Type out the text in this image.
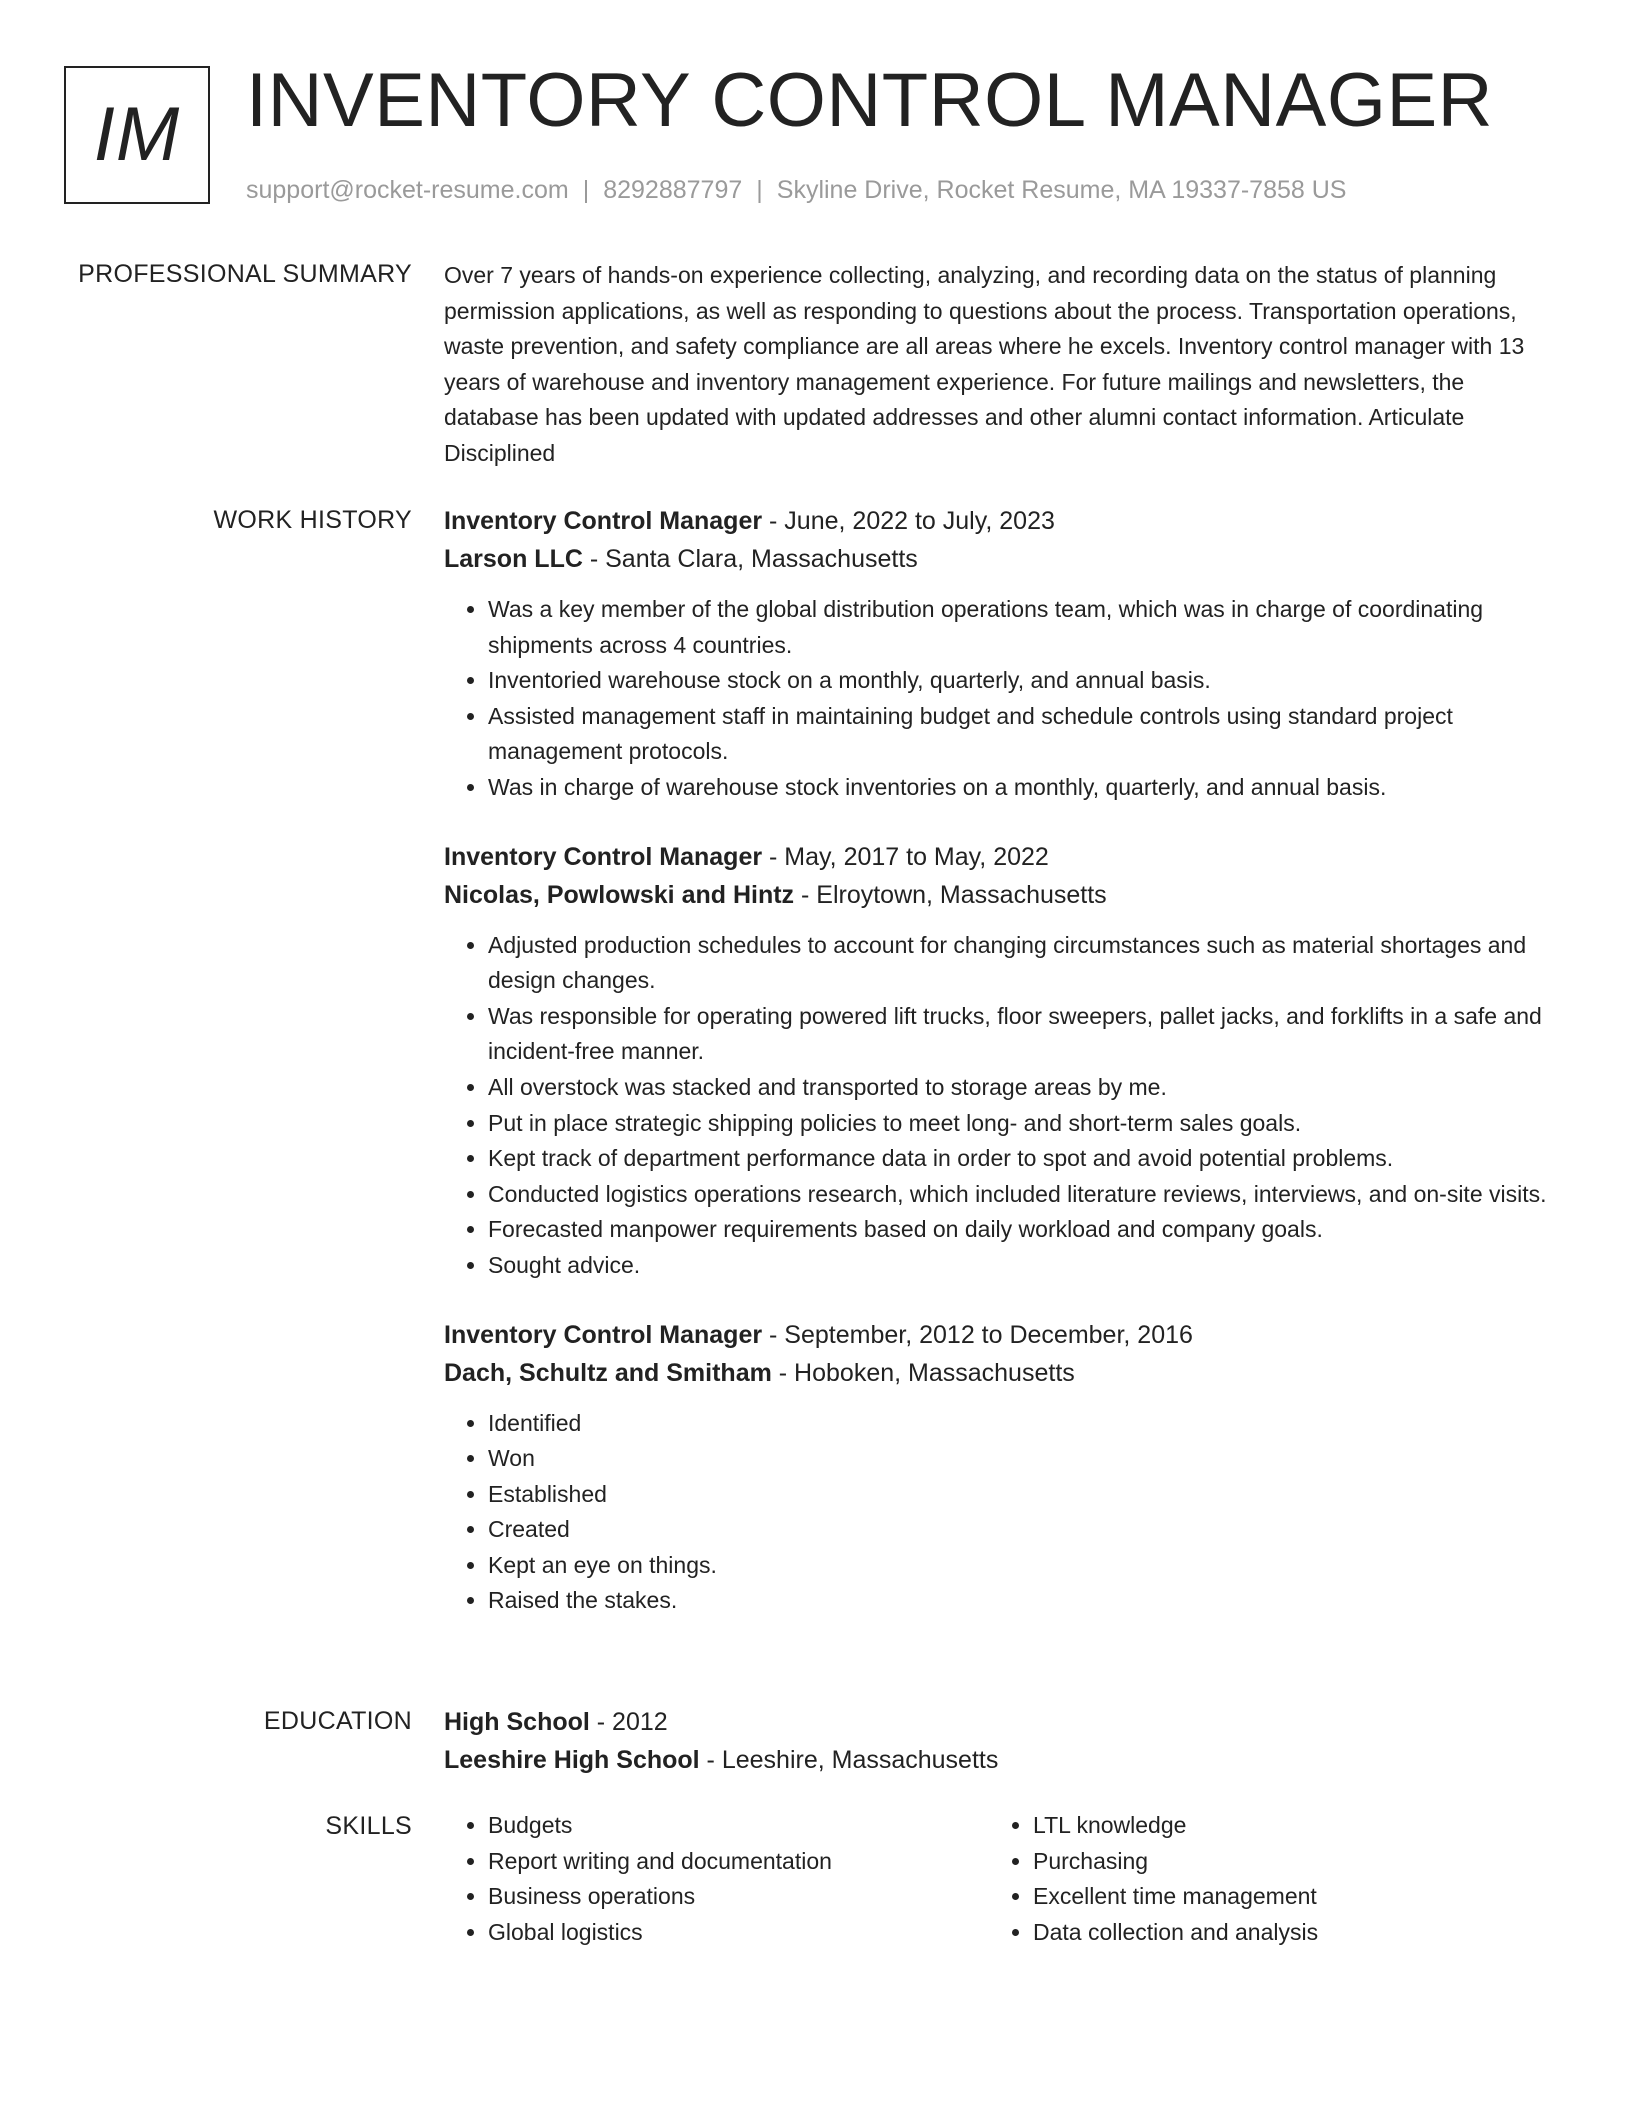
IM INVENTORY CONTROL MANAGER
support@rocket-resume.com | 8292887797 | Skyline Drive, Rocket Resume, MA 19337-7858 US
PROFESSIONAL SUMMARY Over 7 years of hands-on experience collecting, analyzing, and recording data on the status of planning permission applications, as well as responding to questions about the process. Transportation operations, waste prevention, and safety compliance are all areas where he excels. Inventory control manager with 13 years of warehouse and inventory management experience. For future mailings and newsletters, the database has been updated with updated addresses and other alumni contact information. Articulate Disciplined

WORK HISTORY Inventory Control Manager - June, 2022 to July, 2023

Larson LLC - Santa Clara, Massachusetts

• Was a key member of the global distribution operations team, which was in charge of coordinating shipments across 4 countries.
• Inventoried warehouse stock on a monthly, quarterly, and annual basis.
• Assisted management staff in maintaining budget and schedule controls using standard project management protocols.
• Was in charge of warehouse stock inventories on a monthly, quarterly, and annual basis.

Inventory Control Manager - May, 2017 to May, 2022

Nicolas, Powlowski and Hintz - Elroytown, Massachusetts

• Adjusted production schedules to account for changing circumstances such as material shortages and design changes.
• Was responsible for operating powered lift trucks, floor sweepers, pallet jacks, and forklifts in a safe and incident-free manner.
• All overstock was stacked and transported to storage areas by me.
• Put in place strategic shipping policies to meet long- and short-term sales goals.
• Kept track of department performance data in order to spot and avoid potential problems.
• Conducted logistics operations research, which included literature reviews, interviews, and on-site visits.
• Forecasted manpower requirements based on daily workload and company goals.
• Sought advice.

Inventory Control Manager - September, 2012 to December, 2016

Dach, Schultz and Smitham - Hoboken, Massachusetts

• Identified
• Won
• Established
• Created
• Kept an eye on things.
• Raised the stakes.
EDUCATION High School - 2012

Leeshire High School - Leeshire, Massachusetts

SKILLS
•	Budgets
• Report writing and documentation
• Business operations
• Global logistics
• LTL knowledge
• Purchasing
• Excellent time management
• Data collection and analysis
